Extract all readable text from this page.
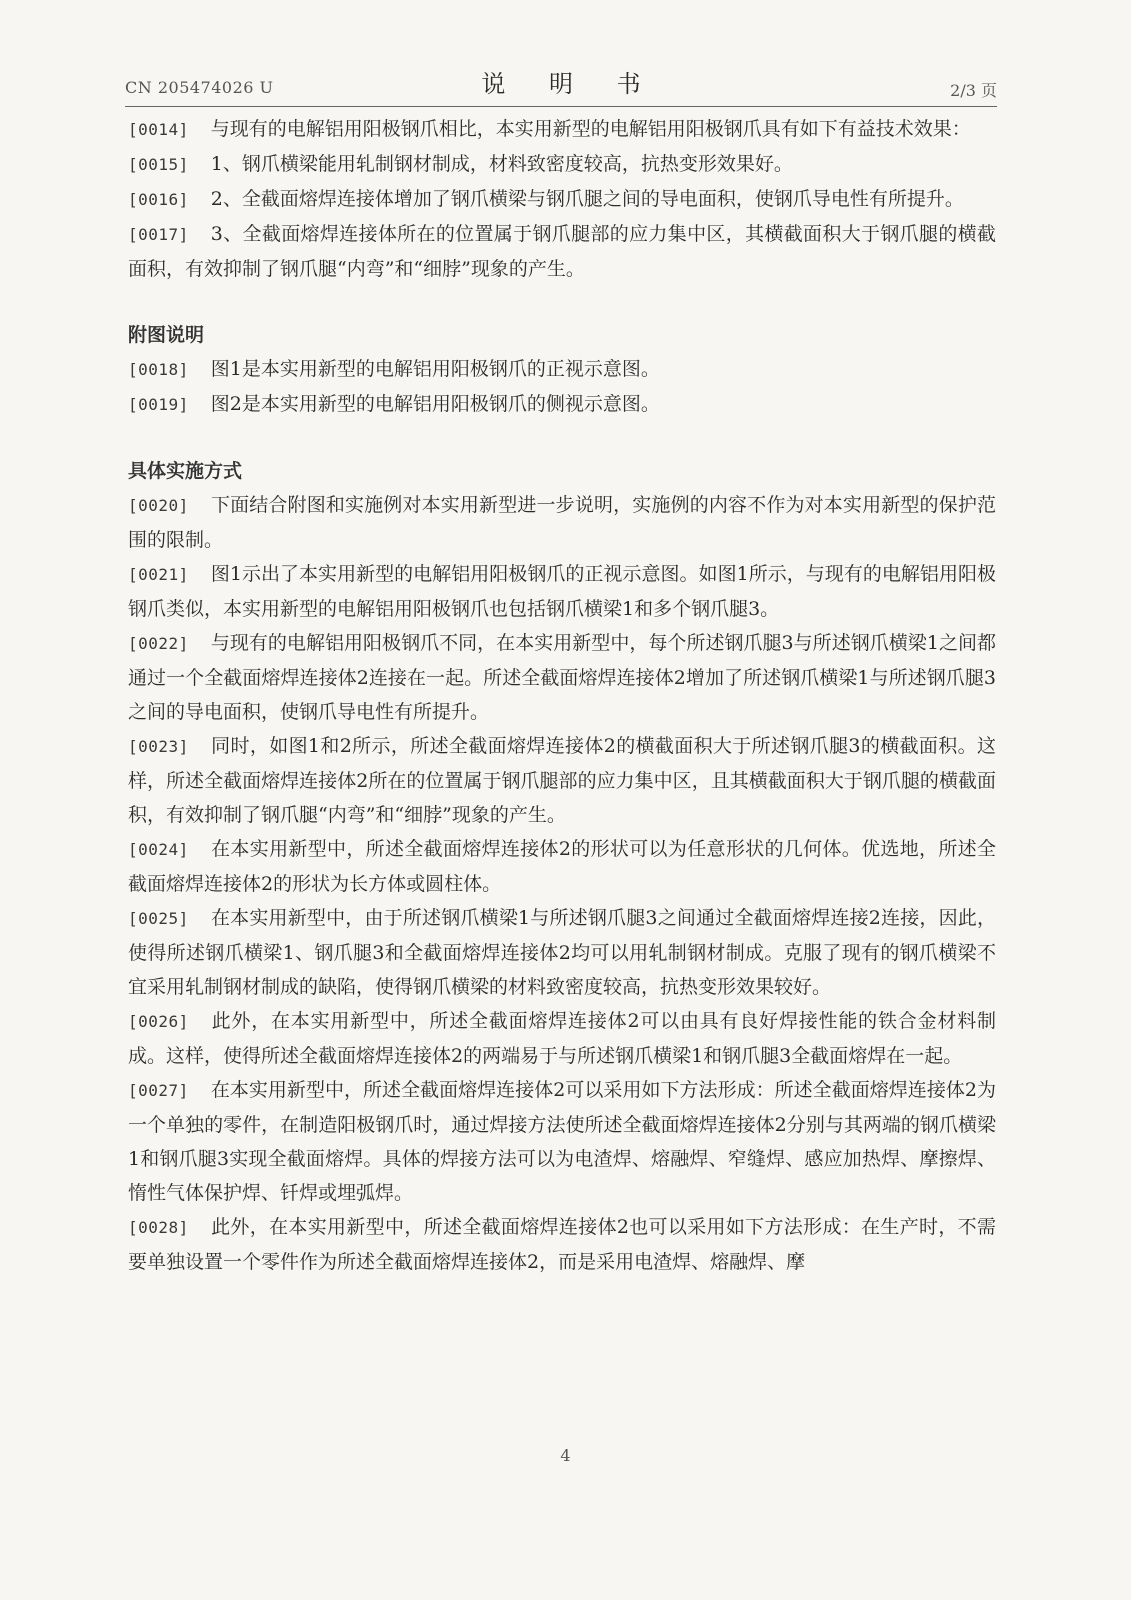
CN 205474026 U	说 明 书	2/3 页

[0014] 与现有的电解铝用阳极钢爪相比，本实用新型的电解铝用阳极钢爪具有如下有益技术效果：

[0015] 1、钢爪横梁能用轧制钢材制成，材料致密度较高，抗热变形效果好。

[0016] 2、全截面熔焊连接体增加了钢爪横梁与钢爪腿之间的导电面积，使钢爪导电性有所提升。

[0017] 3、全截面熔焊连接体所在的位置属于钢爪腿部的应力集中区，其横截面积大于钢爪腿的横截面积，有效抑制了钢爪腿“内弯”和“细脖”现象的产生。

附图说明

[0018] 图1是本实用新型的电解铝用阳极钢爪的正视示意图。

[0019] 图2是本实用新型的电解铝用阳极钢爪的侧视示意图。

具体实施方式

[0020] 下面结合附图和实施例对本实用新型进一步说明，实施例的内容不作为对本实用新型的保护范围的限制。

[0021] 图1示出了本实用新型的电解铝用阳极钢爪的正视示意图。如图1所示，与现有的电解铝用阳极钢爪类似，本实用新型的电解铝用阳极钢爪也包括钢爪横梁1和多个钢爪腿3。

[0022] 与现有的电解铝用阳极钢爪不同，在本实用新型中，每个所述钢爪腿3与所述钢爪横梁1之间都通过一个全截面熔焊连接体2连接在一起。所述全截面熔焊连接体2增加了所述钢爪横梁1与所述钢爪腿3之间的导电面积，使钢爪导电性有所提升。

[0023] 同时，如图1和2所示，所述全截面熔焊连接体2的横截面积大于所述钢爪腿3的横截面积。这样，所述全截面熔焊连接体2所在的位置属于钢爪腿部的应力集中区，且其横截面积大于钢爪腿的横截面积，有效抑制了钢爪腿“内弯”和“细脖”现象的产生。

[0024] 在本实用新型中，所述全截面熔焊连接体2的形状可以为任意形状的几何体。优选地，所述全截面熔焊连接体2的形状为长方体或圆柱体。

[0025] 在本实用新型中，由于所述钢爪横梁1与所述钢爪腿3之间通过全截面熔焊连接2连接，因此，使得所述钢爪横梁1、钢爪腿3和全截面熔焊连接体2均可以用轧制钢材制成。克服了现有的钢爪横梁不宜采用轧制钢材制成的缺陷，使得钢爪横梁的材料致密度较高，抗热变形效果较好。

[0026] 此外，在本实用新型中，所述全截面熔焊连接体2可以由具有良好焊接性能的铁合金材料制成。这样，使得所述全截面熔焊连接体2的两端易于与所述钢爪横梁1和钢爪腿3全截面熔焊在一起。

[0027] 在本实用新型中，所述全截面熔焊连接体2可以采用如下方法形成：所述全截面熔焊连接体2为一个单独的零件，在制造阳极钢爪时，通过焊接方法使所述全截面熔焊连接体2分别与其两端的钢爪横梁1和钢爪腿3实现全截面熔焊。具体的焊接方法可以为电渣焊、熔融焊、窄缝焊、感应加热焊、摩擦焊、惰性气体保护焊、钎焊或埋弧焊。

[0028] 此外，在本实用新型中，所述全截面熔焊连接体2也可以采用如下方法形成：在生产时，不需要单独设置一个零件作为所述全截面熔焊连接体2，而是采用电渣焊、熔融焊、摩

4
